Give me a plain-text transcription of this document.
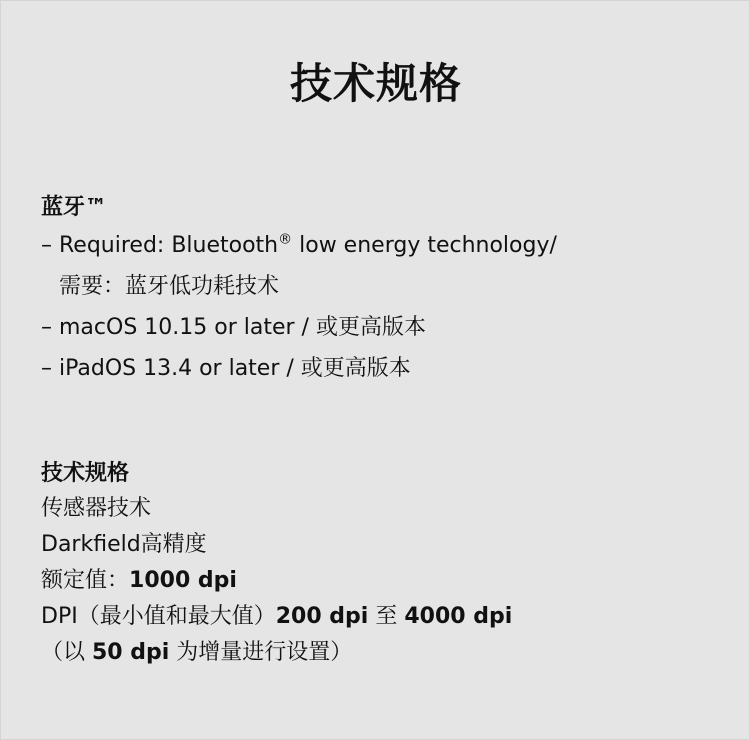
技术规格
蓝牙™
– Required: Bluetooth® low energy technology/
需要：蓝牙低功耗技术
– macOS 10.15 or later / 或更高版本
– iPadOS 13.4 or later / 或更高版本
技术规格
传感器技术
Darkfield高精度
额定值：1000 dpi
DPI（最小值和最大值）200 dpi 至 4000 dpi
（以 50 dpi 为增量进行设置）
